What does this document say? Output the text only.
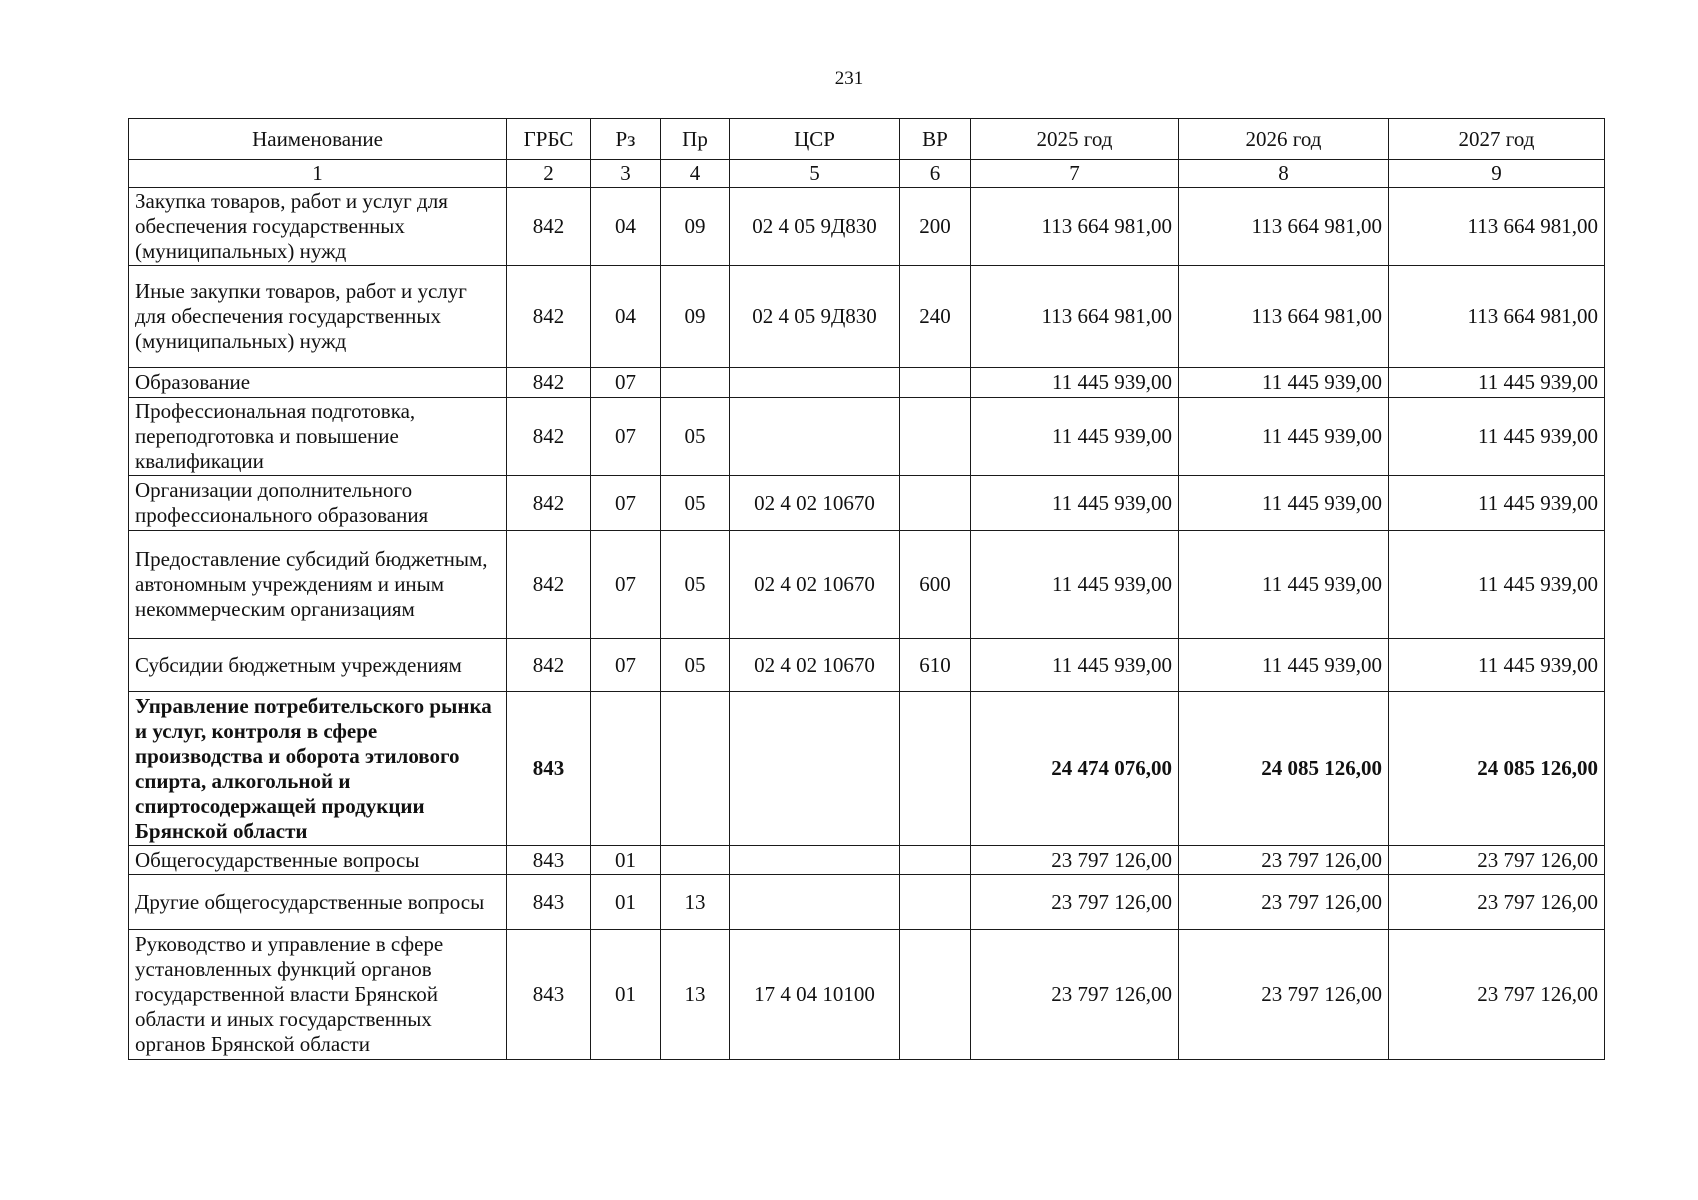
231
Наименование	ГРБС	Рз	Пр	ЦСР	ВР	2025 год	2026 год	2027 год
1	2	3	4	5	6	7	8	9
Закупка товаров, работ и услуг для обеспечения государственных (муниципальных) нужд	842	04	09	02 4 05 9Д830	200	113 664 981,00	113 664 981,00	113 664 981,00
Иные закупки товаров, работ и услуг для обеспечения государственных (муниципальных) нужд	842	04	09	02 4 05 9Д830	240	113 664 981,00	113 664 981,00	113 664 981,00
Образование	842	07				11 445 939,00	11 445 939,00	11 445 939,00
Профессиональная подготовка, переподготовка и повышение квалификации	842	07	05			11 445 939,00	11 445 939,00	11 445 939,00
Организации дополнительного профессионального образования	842	07	05	02 4 02 10670		11 445 939,00	11 445 939,00	11 445 939,00
Предоставление субсидий бюджетным, автономным учреждениям и иным некоммерческим организациям	842	07	05	02 4 02 10670	600	11 445 939,00	11 445 939,00	11 445 939,00
Субсидии бюджетным учреждениям	842	07	05	02 4 02 10670	610	11 445 939,00	11 445 939,00	11 445 939,00
Управление потребительского рынка и услуг, контроля в сфере производства и оборота этилового спирта, алкогольной и спиртосодержащей продукции Брянской области	843					24 474 076,00	24 085 126,00	24 085 126,00
Общегосударственные вопросы	843	01				23 797 126,00	23 797 126,00	23 797 126,00
Другие общегосударственные вопросы	843	01	13			23 797 126,00	23 797 126,00	23 797 126,00
Руководство и управление в сфере установленных функций органов государственной власти Брянской области и иных государственных органов Брянской области	843	01	13	17 4 04 10100		23 797 126,00	23 797 126,00	23 797 126,00
